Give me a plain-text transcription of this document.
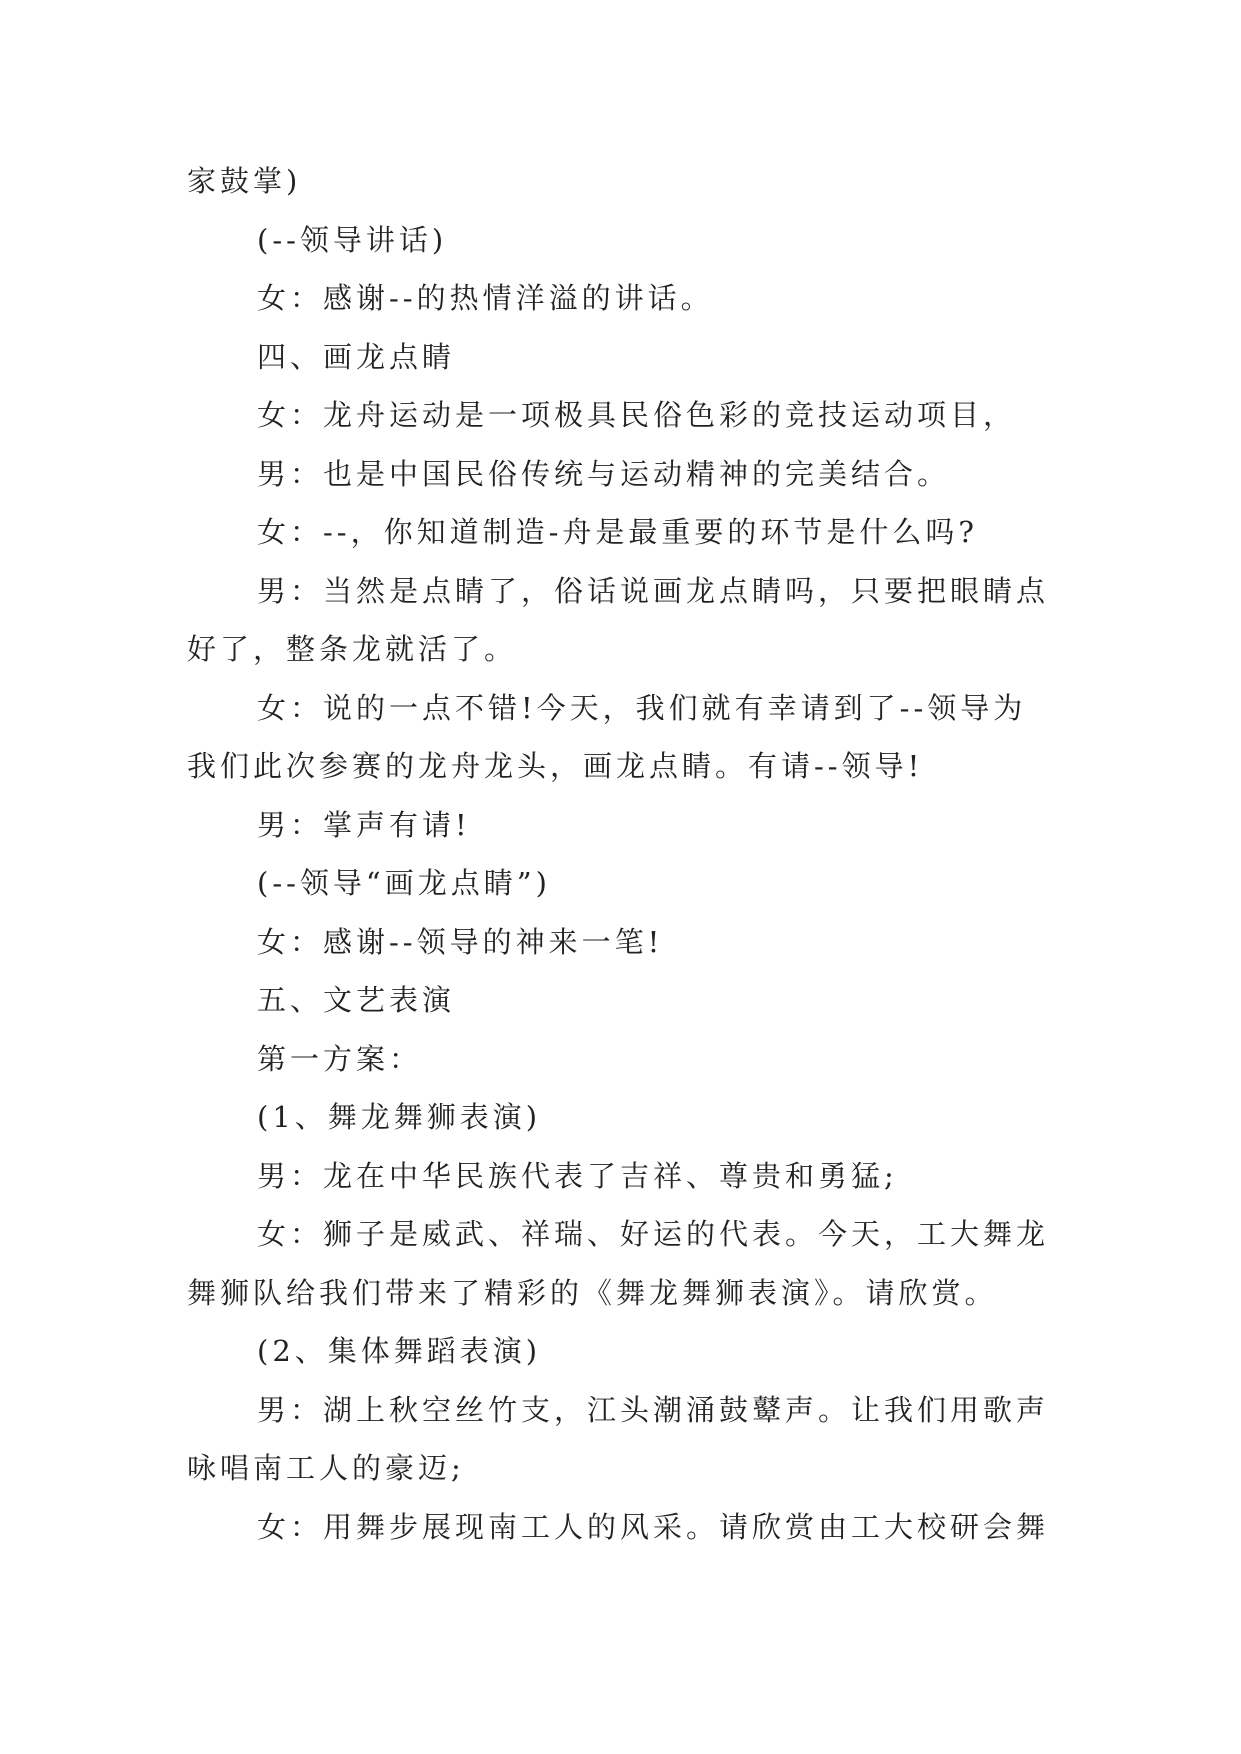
家鼓掌)

(--领导讲话)

女：感谢--的热情洋溢的讲话。

四、画龙点睛

女：龙舟运动是一项极具民俗色彩的竞技运动项目，

男：也是中国民俗传统与运动精神的完美结合。

女：--，你知道制造-舟是最重要的环节是什么吗?

男：当然是点睛了，俗话说画龙点睛吗，只要把眼睛点

好了，整条龙就活了。

女：说的一点不错!今天，我们就有幸请到了--领导为

我们此次参赛的龙舟龙头，画龙点睛。有请--领导!

男：掌声有请!

(--领导“画龙点睛”)

女：感谢--领导的神来一笔!

五、文艺表演

第一方案：

(1、舞龙舞狮表演)

男：龙在中华民族代表了吉祥、尊贵和勇猛;

女：狮子是威武、祥瑞、好运的代表。今天，工大舞龙

舞狮队给我们带来了精彩的《舞龙舞狮表演》。请欣赏。

(2、集体舞蹈表演)

男：湖上秋空丝竹支，江头潮涌鼓鼙声。让我们用歌声

咏唱南工人的豪迈;

女：用舞步展现南工人的风采。请欣赏由工大校研会舞
